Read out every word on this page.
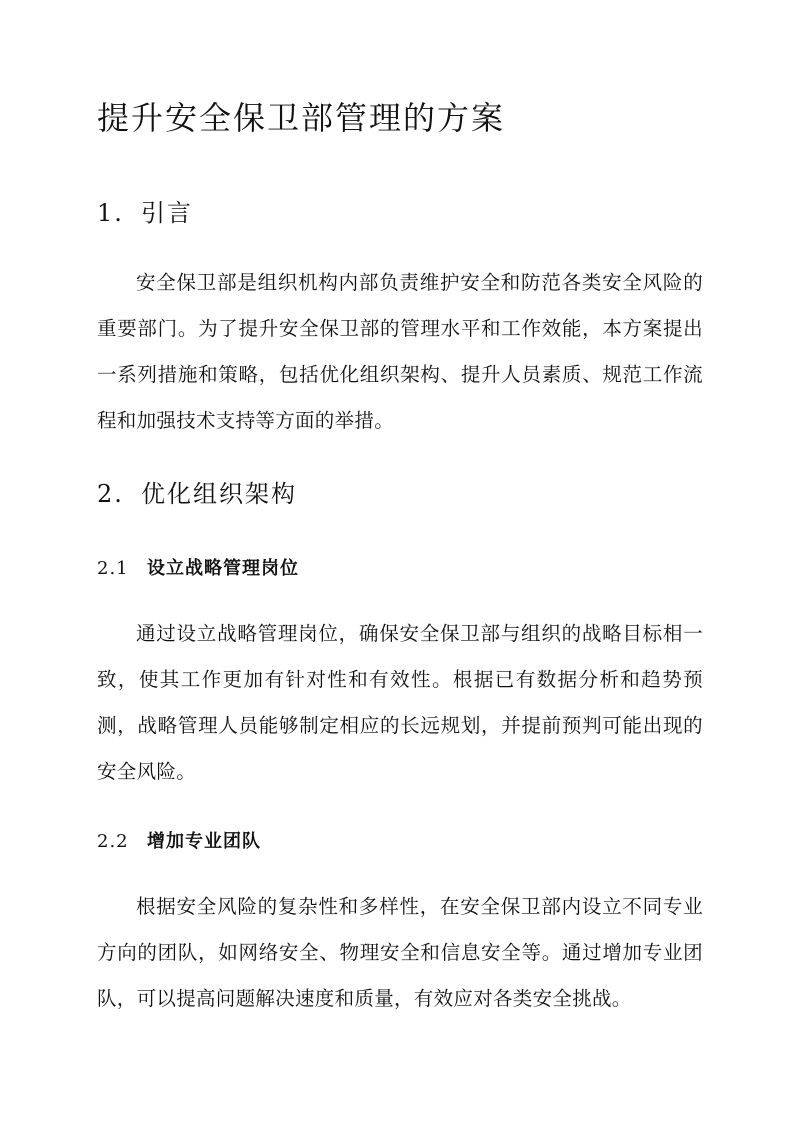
提升安全保卫部管理的方案
1. 引言

安全保卫部是组织机构内部负责维护安全和防范各类安全风险的重要部门。为了提升安全保卫部的管理水平和工作效能，本方案提出一系列措施和策略，包括优化组织架构、提升人员素质、规范工作流程和加强技术支持等方面的举措。

2. 优化组织架构
2.1 设立战略管理岗位

通过设立战略管理岗位，确保安全保卫部与组织的战略目标相一致，使其工作更加有针对性和有效性。根据已有数据分析和趋势预测，战略管理人员能够制定相应的长远规划，并提前预判可能出现的安全风险。

2.2 增加专业团队

根据安全风险的复杂性和多样性，在安全保卫部内设立不同专业方向的团队，如网络安全、物理安全和信息安全等。通过增加专业团队，可以提高问题解决速度和质量，有效应对各类安全挑战。
